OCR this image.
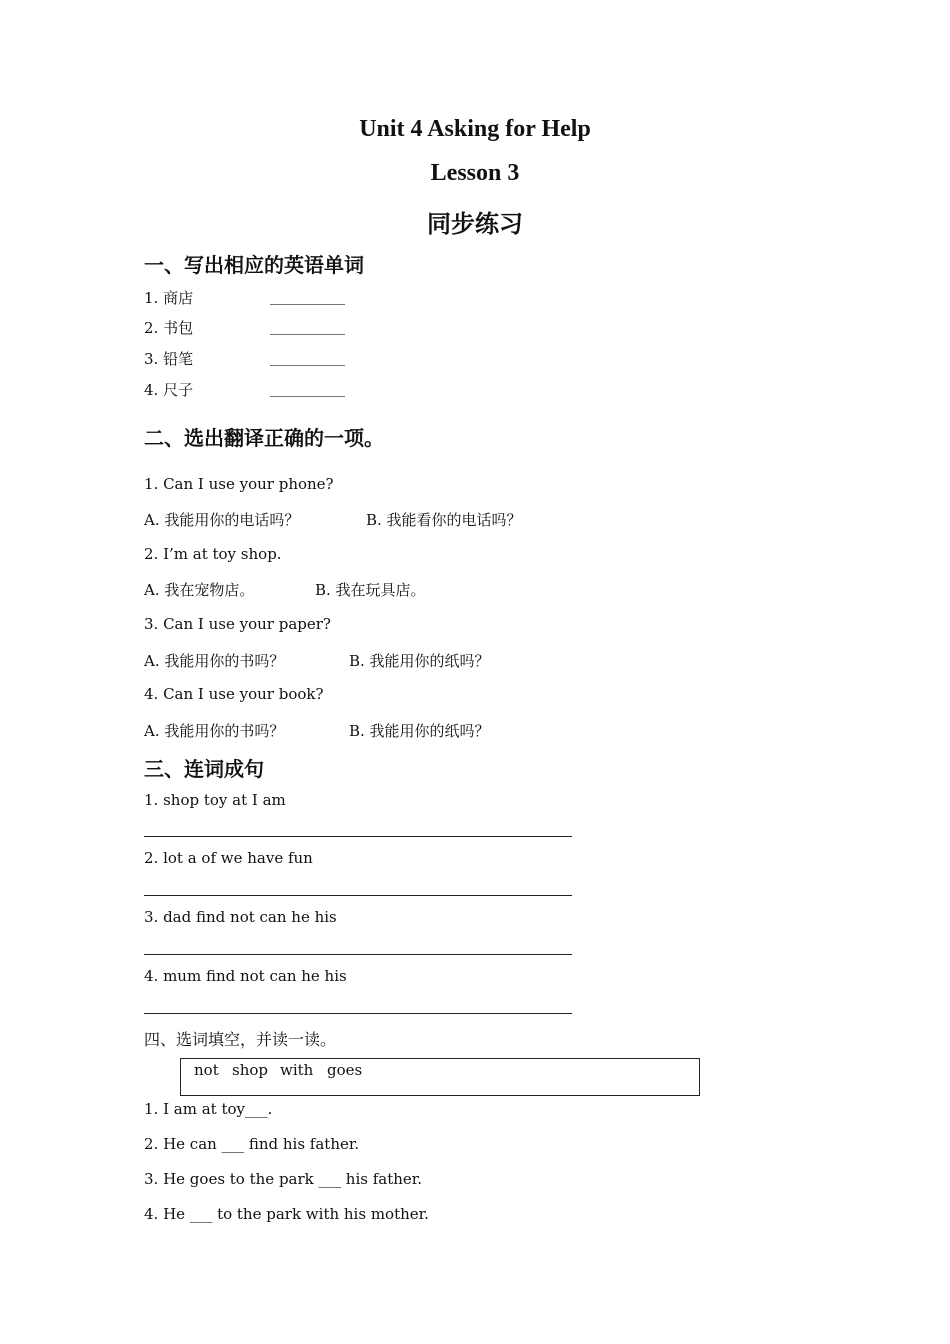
Unit 4 Asking for Help
Lesson 3
同步练习
一、写出相应的英语单词
1. 商店	__________
2. 书包	__________
3. 铅笔	__________
4. 尺子	__________
二、选出翻译正确的一项。
1. Can I use your phone?
A. 我能用你的电话吗？	B. 我能看你的电话吗？
2. I’m at toy shop.
A. 我在宠物店。	B. 我在玩具店。
3. Can I use your paper?
A. 我能用你的书吗？	B. 我能用你的纸吗？
4. Can I use your book?
A. 我能用你的书吗？	B. 我能用你的纸吗？
三、连词成句
1. shop toy at I am
2. lot a of we have fun
3. dad find not can he his
4. mum find not can he his
四、选词填空，并读一读。
not shop with goes
1. I am at toy___.
2. He can ___ find his father.
3. He goes to the park ___ his father.
4. He ___ to the park with his mother.
